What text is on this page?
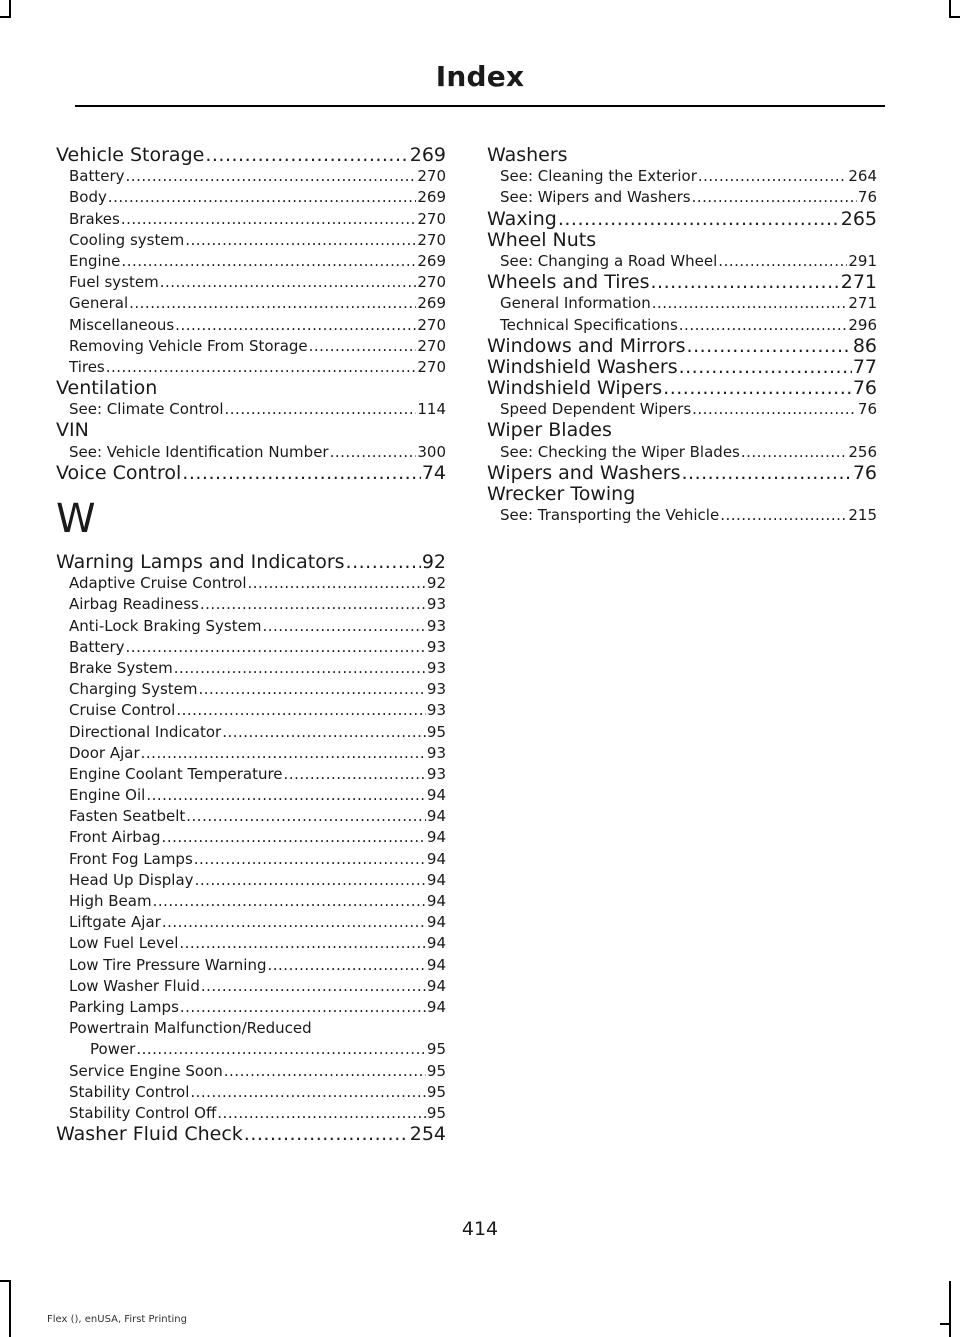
Index
Vehicle Storage .....	269
Battery .....	270
Body .....	269
Brakes .....	270
Cooling system .....	270
Engine .....	269
Fuel system .....	270
General .....	269
Miscellaneous .....	270
Removing Vehicle From Storage .....	270
Tires .....	270
Ventilation
See: Climate Control .....	114
VIN
See: Vehicle Identification Number .....	300
Voice Control .....	74
W
Warning Lamps and Indicators .....	92
Adaptive Cruise Control .....	92
Airbag Readiness .....	93
Anti-Lock Braking System .....	93
Battery .....	93
Brake System .....	93
Charging System .....	93
Cruise Control .....	93
Directional Indicator .....	95
Door Ajar .....	93
Engine Coolant Temperature .....	93
Engine Oil .....	94
Fasten Seatbelt .....	94
Front Airbag .....	94
Front Fog Lamps .....	94
Head Up Display .....	94
High Beam .....	94
Liftgate Ajar .....	94
Low Fuel Level .....	94
Low Tire Pressure Warning .....	94
Low Washer Fluid .....	94
Parking Lamps .....	94
Powertrain Malfunction/Reduced
Power .....	95
Service Engine Soon .....	95
Stability Control .....	95
Stability Control Off .....	95
Washer Fluid Check .....	254
Washers
See: Cleaning the Exterior .....	264
See: Wipers and Washers .....	76
Waxing .....	265
Wheel Nuts
See: Changing a Road Wheel .....	291
Wheels and Tires .....	271
General Information .....	271
Technical Specifications .....	296
Windows and Mirrors .....	86
Windshield Washers .....	77
Windshield Wipers .....	76
Speed Dependent Wipers .....	76
Wiper Blades
See: Checking the Wiper Blades .....	256
Wipers and Washers .....	76
Wrecker Towing
See: Transporting the Vehicle .....	215
414
Flex (), enUSA, First Printing
